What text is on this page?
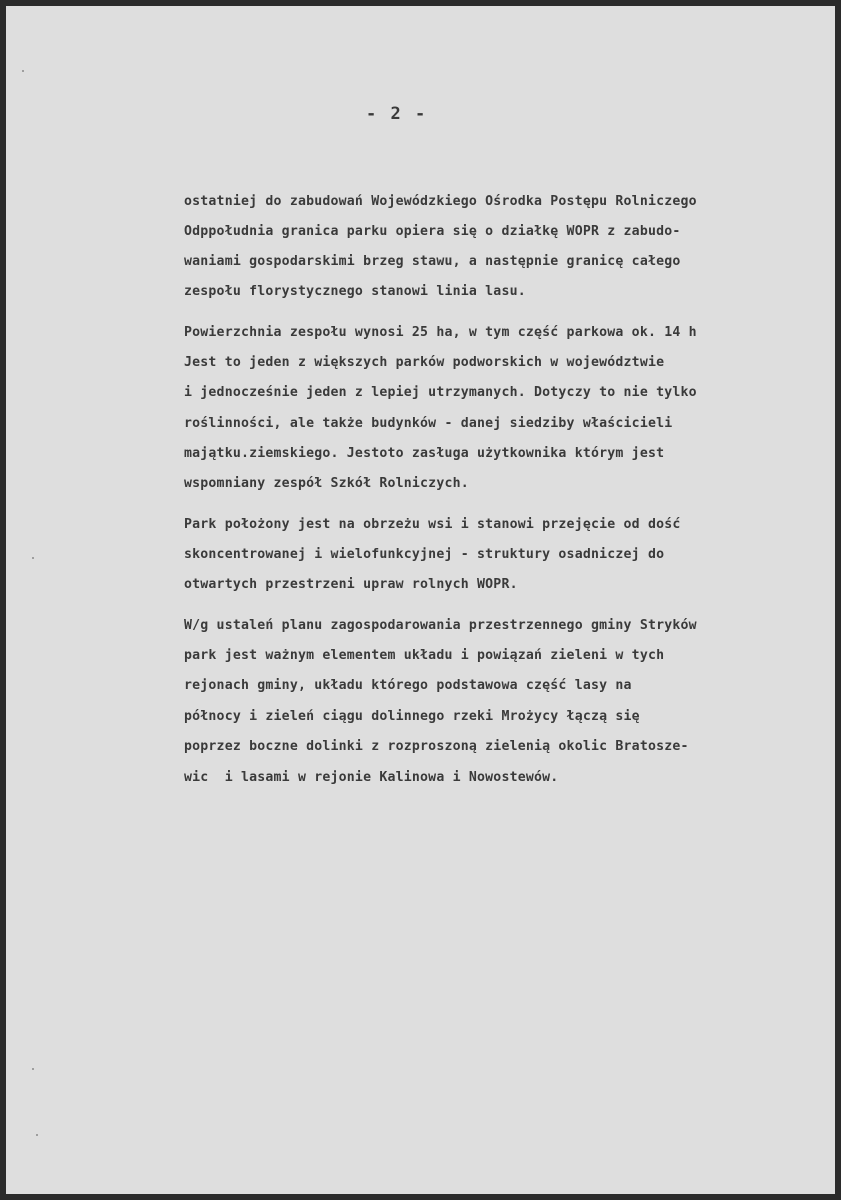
- 2 -
ostatniej do zabudowań Wojewódzkiego Ośrodka Postępu Rolniczego
Odppołudnia granica parku opiera się o działkę WOPR z zabudo-
waniami gospodarskimi brzeg stawu, a następnie granicę całego
zespołu florystycznego stanowi linia lasu.
Powierzchnia zespołu wynosi 25 ha, w tym część parkowa ok. 14 h
Jest to jeden z większych parków podworskich w województwie
i jednocześnie jeden z lepiej utrzymanych. Dotyczy to nie tylko
roślinności, ale także budynków - danej siedziby właścicieli
majątku.ziemskiego. Jestoto zasługa użytkownika którym jest
wspomniany zespół Szkół Rolniczych.
Park położony jest na obrzeżu wsi i stanowi przejęcie od dość
skoncentrowanej i wielofunkcyjnej - struktury osadniczej do
otwartych przestrzeni upraw rolnych WOPR.
W/g ustaleń planu zagospodarowania przestrzennego gminy Stryków
park jest ważnym elementem układu i powiązań zieleni w tych
rejonach gminy, układu którego podstawowa część lasy na
północy i zieleń ciągu dolinnego rzeki Mrożycy łączą się
poprzez boczne dolinki z rozproszoną zielenią okolic Bratosze-
wic  i lasami w rejonie Kalinowa i Nowostewów.
